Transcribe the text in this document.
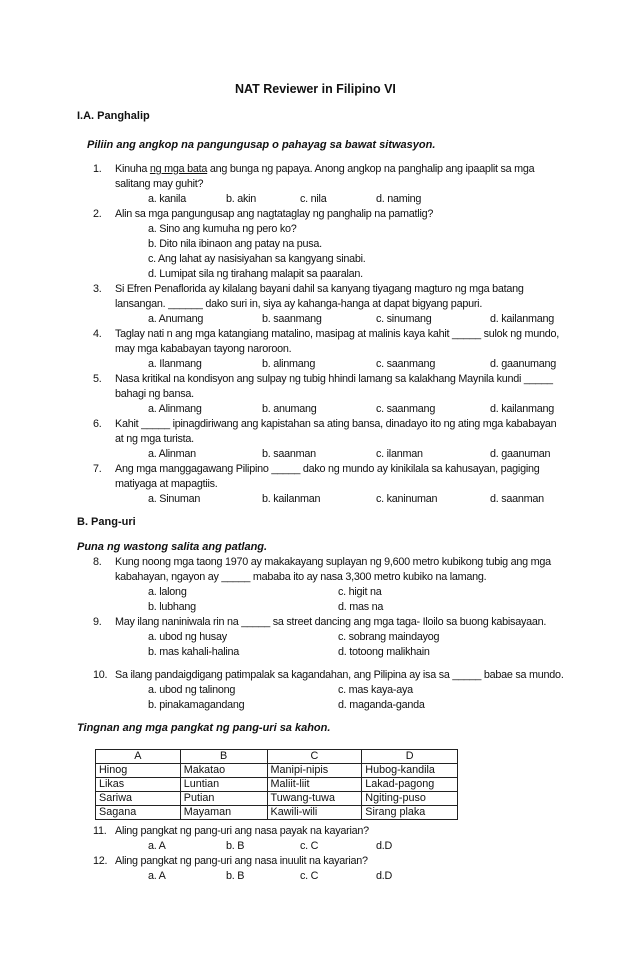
NAT Reviewer in Filipino VI
I.A. Panghalip
Piliin ang angkop na pangungusap o pahayag sa bawat sitwasyon.
1. Kinuha ng mga bata ang bunga ng papaya. Anong angkop na panghalip ang ipaaplit sa mga
salitang may guhit?
a. kanila	b. akin	c. nila	d. naming
2. Alin sa mga pangungusap ang nagtataglay ng panghalip na pamatlig?
a. Sino ang kumuha ng pero ko?
b. Dito nila ibinaon ang patay na pusa.
c. Ang lahat ay nasisiyahan sa kangyang sinabi.
d. Lumipat sila ng tirahang malapit sa paaralan.
3. Si Efren Penaflorida ay kilalang bayani dahil sa kanyang tiyagang magturo ng mga batang
lansangan. ______ dako suri in, siya ay kahanga-hanga at dapat bigyang papuri.
a. Anumang	b. saanmang	c. sinumang	d. kailanmang
4. Taglay nati n ang mga katangiang matalino, masipag at malinis kaya kahit _____ sulok ng mundo,
may mga kababayan tayong naroroon.
a. Ilanmang	b. alinmang	c. saanmang	d. gaanumang
5. Nasa kritikal na kondisyon ang sulpay ng tubig hhindi lamang sa kalakhang Maynila kundi _____
bahagi ng bansa.
a. Alinmang	b. anumang	c. saanmang	d. kailanmang
6. Kahit _____ ipinagdiriwang ang kapistahan sa ating bansa, dinadayo ito ng ating mga kababayan
at ng mga turista.
a. Alinman	b. saanman	c. ilanman	d. gaanuman
7. Ang mga manggagawang Pilipino _____ dako ng mundo ay kinikilala sa kahusayan, pagiging
matiyaga at mapagtiis.
a. Sinuman	b. kailanman	c. kaninuman	d. saanman
B. Pang-uri
Puna ng wastong salita ang patlang.
8. Kung noong mga taong 1970 ay makakayang suplayan ng 9,600 metro kubikong tubig ang mga
kabahayan, ngayon ay _____ mababa ito ay nasa 3,300 metro kubiko na lamang.
a. lalong
b. lubhang
c. higit na
d. mas na
9. May ilang naniniwala rin na _____ sa street dancing ang mga taga- Iloilo sa buong kabisayaan.
a. ubod ng husay
b. mas kahali-halina
c. sobrang maindayog
d. totoong malikhain
10. Sa ilang pandaigdigang patimpalak sa kagandahan, ang Pilipina ay isa sa _____ babae sa mundo.
a. ubod ng talinong
b. pinakamagandang
c. mas kaya-aya
d. maganda-ganda
Tingnan ang mga pangkat ng pang-uri sa kahon.
A	B	C	D
Hinog	Makatao	Manipi-nipis	Hubog-kandila
Likas	Luntian	Maliit-liit	Lakad-pagong
Sariwa	Putian	Tuwang-tuwa	Ngiting-puso
Sagana	Mayaman	Kawili-wili	Sirang plaka
11. Aling pangkat ng pang-uri ang nasa payak na kayarian?
a. A	b. B	c. C	d.D
12. Aling pangkat ng pang-uri ang nasa inuulit na kayarian?
a. A	b. B	c. C	d.D
